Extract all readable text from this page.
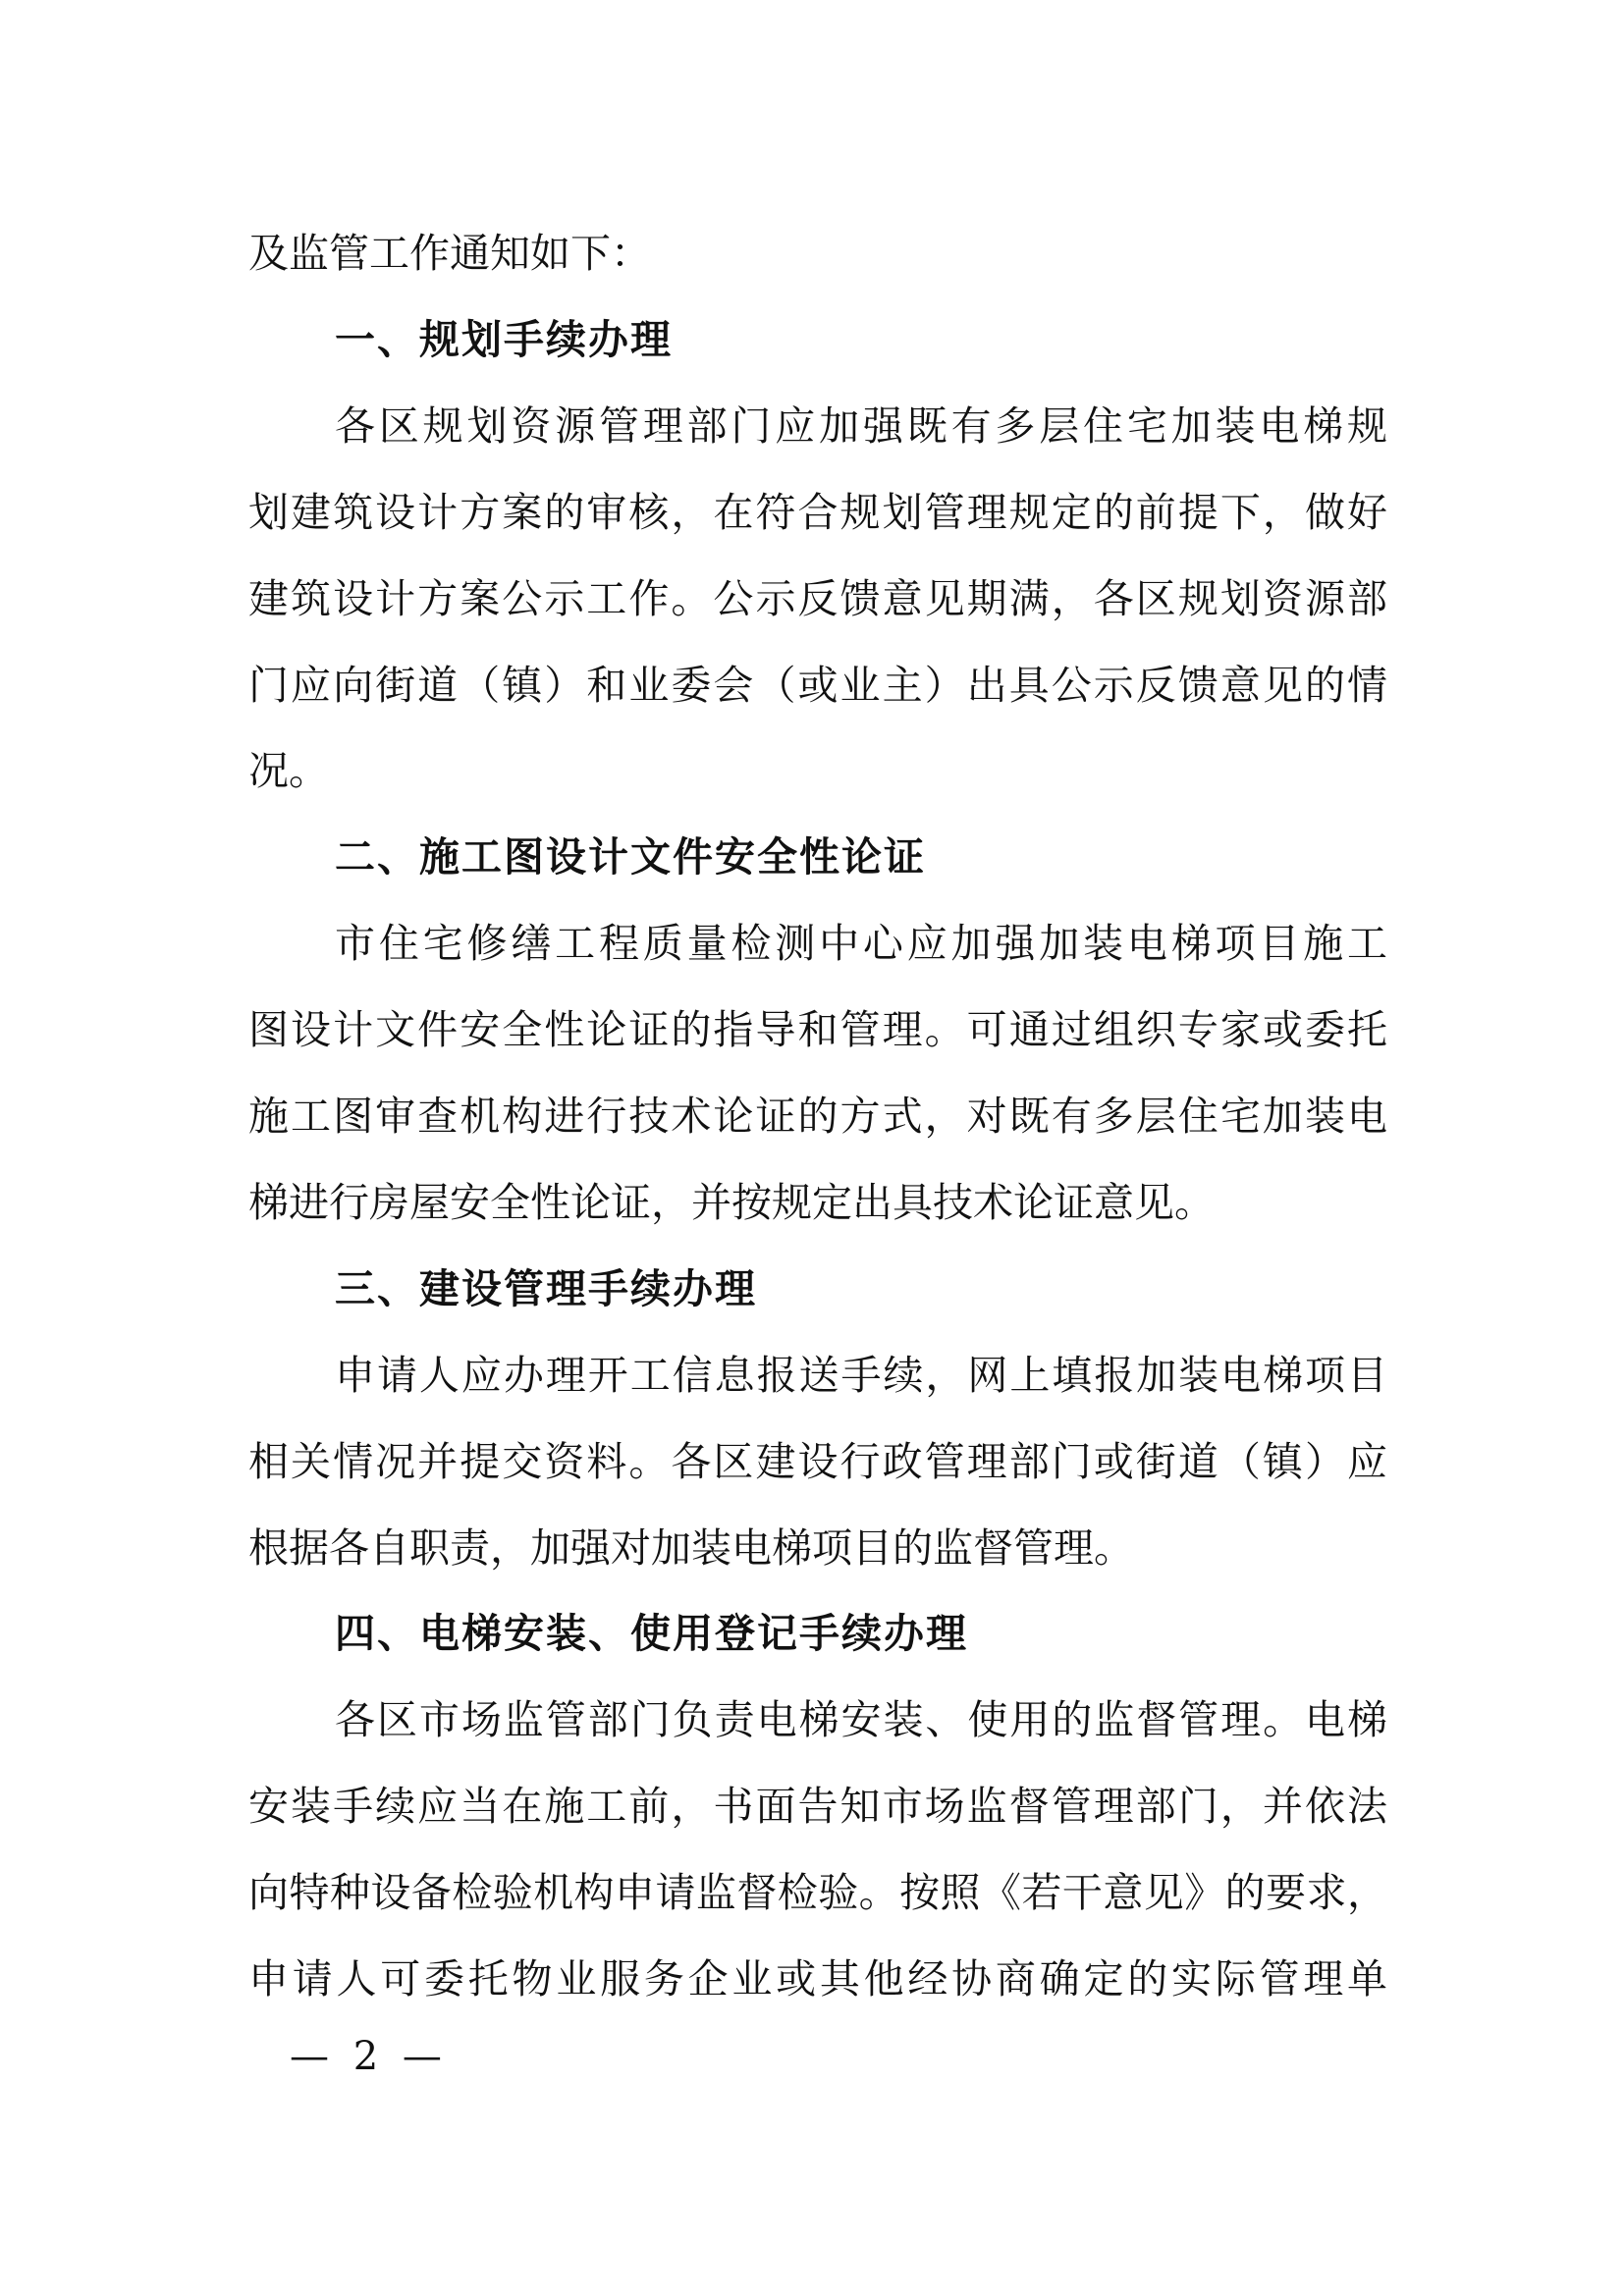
及监管工作通知如下：
一、规划手续办理
各区规划资源管理部门应加强既有多层住宅加装电梯规
划建筑设计方案的审核，在符合规划管理规定的前提下，做好
建筑设计方案公示工作。公示反馈意见期满，各区规划资源部
门应向街道（镇）和业委会（或业主）出具公示反馈意见的情
况。
二、施工图设计文件安全性论证
市住宅修缮工程质量检测中心应加强加装电梯项目施工
图设计文件安全性论证的指导和管理。可通过组织专家或委托
施工图审查机构进行技术论证的方式，对既有多层住宅加装电
梯进行房屋安全性论证，并按规定出具技术论证意见。
三、建设管理手续办理
申请人应办理开工信息报送手续，网上填报加装电梯项目
相关情况并提交资料。各区建设行政管理部门或街道（镇）应
根据各自职责，加强对加装电梯项目的监督管理。
四、电梯安装、使用登记手续办理
各区市场监管部门负责电梯安装、使用的监督管理。电梯
安装手续应当在施工前，书面告知市场监督管理部门，并依法
向特种设备检验机构申请监督检验。按照《若干意见》的要求，
申请人可委托物业服务企业或其他经协商确定的实际管理单
— 2 —
